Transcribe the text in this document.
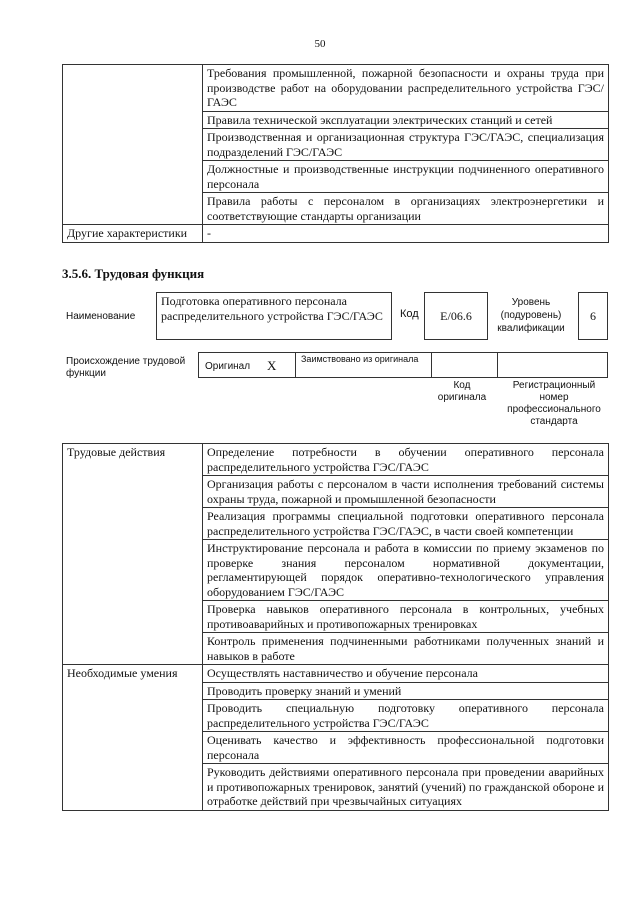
50
	Требования промышленной, пожарной безопасности и охраны труда при производстве работ на оборудовании распределительного устройства ГЭС/ГАЭС
	Правила технической эксплуатации электрических станций и сетей
	Производственная и организационная структура ГЭС/ГАЭС, специализация подразделений ГЭС/ГАЭС
	Должностные и производственные инструкции подчиненного оперативного персонала
	Правила работы с персоналом в организациях электроэнергетики и соответствующие стандарты организации
Другие характеристики	-
3.5.6. Трудовая функция
Наименование
Подготовка оперативного персонала распределительного устройства ГЭС/ГАЭС	Код	E/06.6
Уровень (подуровень) квалификации
6
Происхождение трудовой функции
Оригинал X	Заимствовано из оригинала
Код оригинала
Регистрационный номер профессионального стандарта
Трудовые действия	Определение потребности в обучении оперативного персонала распределительного устройства ГЭС/ГАЭС
	Организация работы с персоналом в части исполнения требований системы охраны труда, пожарной и промышленной безопасности
	Реализация программы специальной подготовки оперативного персонала распределительного устройства ГЭС/ГАЭС, в части своей компетенции
	Инструктирование персонала и работа в комиссии по приему экзаменов по проверке знания персоналом нормативной документации, регламентирующей порядок оперативно-технологического управления оборудованием ГЭС/ГАЭС
	Проверка навыков оперативного персонала в контрольных, учебных противоаварийных и противопожарных тренировках
	Контроль применения подчиненными работниками полученных знаний и навыков в работе
Необходимые умения	Осуществлять наставничество и обучение персонала
	Проводить проверку знаний и умений
	Проводить специальную подготовку оперативного персонала распределительного устройства ГЭС/ГАЭС
	Оценивать качество и эффективность профессиональной подготовки персонала
	Руководить действиями оперативного персонала при проведении аварийных и противопожарных тренировок, занятий (учений) по гражданской обороне и отработке действий при чрезвычайных ситуациях
